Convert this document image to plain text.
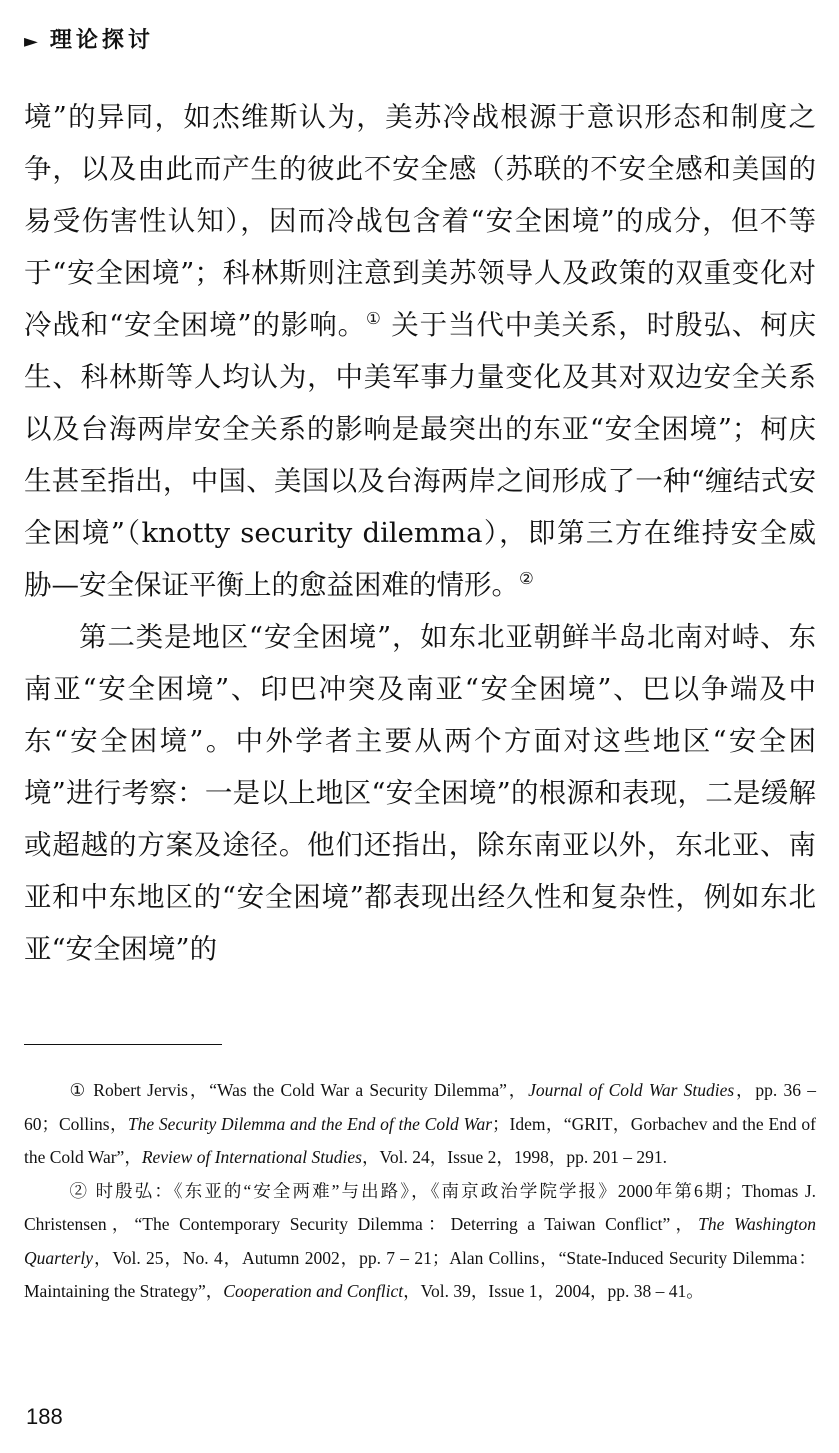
► 理论探讨

境”的异同，如杰维斯认为，美苏冷战根源于意识形态和制度之争，以及由此而产生的彼此不安全感（苏联的不安全感和美国的易受伤害性认知），因而冷战包含着“安全困境”的成分，但不等于“安全困境”；科林斯则注意到美苏领导人及政策的双重变化对冷战和“安全困境”的影响。① 关于当代中美关系，时殷弘、柯庆生、科林斯等人均认为，中美军事力量变化及其对双边安全关系以及台海两岸安全关系的影响是最突出的东亚“安全困境”；柯庆生甚至指出，中国、美国以及台海两岸之间形成了一种“缠结式安全困境”（knotty security dilemma），即第三方在维持安全威胁—安全保证平衡上的愈益困难的情形。②

第二类是地区“安全困境”，如东北亚朝鲜半岛北南对峙、东南亚“安全困境”、印巴冲突及南亚“安全困境”、巴以争端及中东“安全困境”。中外学者主要从两个方面对这些地区“安全困境”进行考察：一是以上地区“安全困境”的根源和表现，二是缓解或超越的方案及途径。他们还指出，除东南亚以外，东北亚、南亚和中东地区的“安全困境”都表现出经久性和复杂性，例如东北亚“安全困境”的

① Robert Jervis，“Was the Cold War a Security Dilemma”，Journal of Cold War Studies，pp. 36 – 60；Collins，The Security Dilemma and the End of the Cold War；Idem，“GRIT，Gorbachev and the End of the Cold War”，Review of International Studies，Vol. 24，Issue 2，1998，pp. 201 – 291.

② 时殷弘：《东亚的“安全两难”与出路》，《南京政治学院学报》2000年第6期；Thomas J. Christensen，“The Contemporary Security Dilemma：Deterring a Taiwan Conflict”，The Washington Quarterly，Vol. 25，No. 4，Autumn 2002，pp. 7 – 21；Alan Collins，“State-Induced Security Dilemma：Maintaining the Strategy”，Cooperation and Conflict，Vol. 39，Issue 1，2004，pp. 38 – 41。

188
